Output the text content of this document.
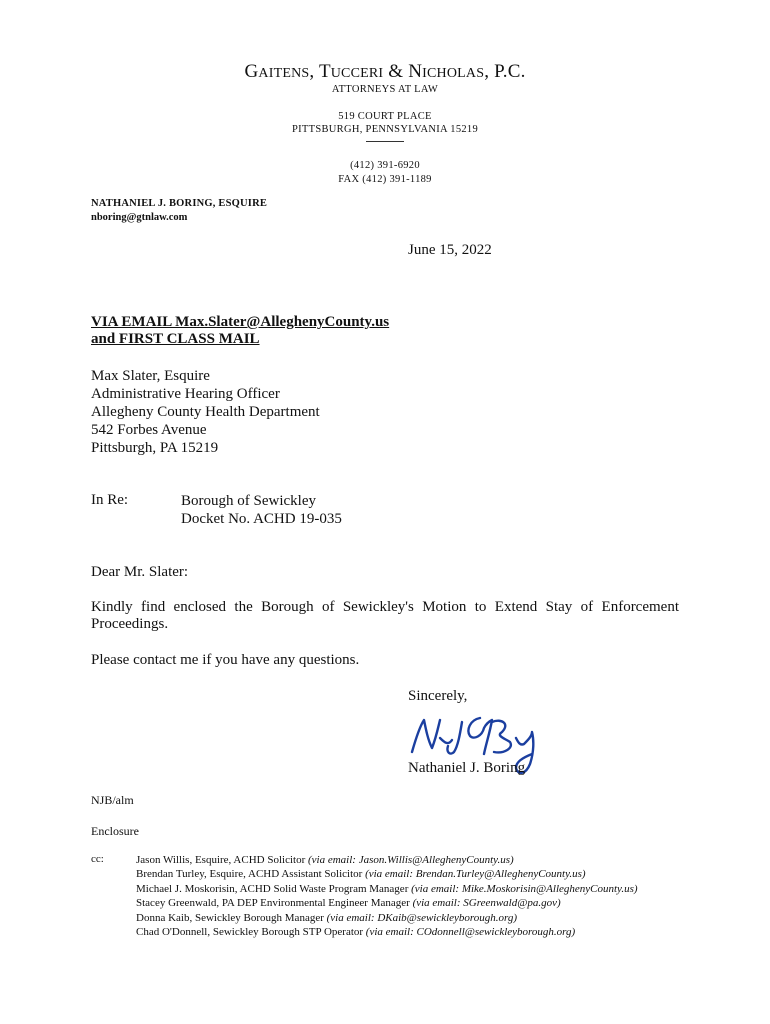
GAITENS, TUCCERI & NICHOLAS, P.C.
ATTORNEYS AT LAW
519 COURT PLACE
PITTSBURGH, PENNSYLVANIA 15219
(412) 391-6920
FAX (412) 391-1189
NATHANIEL J. BORING, ESQUIRE
nboring@gtnlaw.com
June 15, 2022
VIA EMAIL Max.Slater@AlleghenyCounty.us
and FIRST CLASS MAIL
Max Slater, Esquire
Administrative Hearing Officer
Allegheny County Health Department
542 Forbes Avenue
Pittsburgh, PA 15219
In Re:	Borough of Sewickley
Docket No. ACHD 19-035
Dear Mr. Slater:
Kindly find enclosed the Borough of Sewickley's Motion to Extend Stay of Enforcement Proceedings.
Please contact me if you have any questions.
Sincerely,
Nathaniel J. Boring
NJB/alm
Enclosure
cc:	Jason Willis, Esquire, ACHD Solicitor (via email: Jason.Willis@AlleghenyCounty.us)
Brendan Turley, Esquire, ACHD Assistant Solicitor (via email: Brendan.Turley@AlleghenyCounty.us)
Michael J. Moskorisin, ACHD Solid Waste Program Manager (via email: Mike.Moskorisin@AlleghenyCounty.us)
Stacey Greenwald, PA DEP Environmental Engineer Manager (via email: SGreenwald@pa.gov)
Donna Kaib, Sewickley Borough Manager (via email: DKaib@sewickleyborough.org)
Chad O'Donnell, Sewickley Borough STP Operator (via email: COdonnell@sewickleyborough.org)
